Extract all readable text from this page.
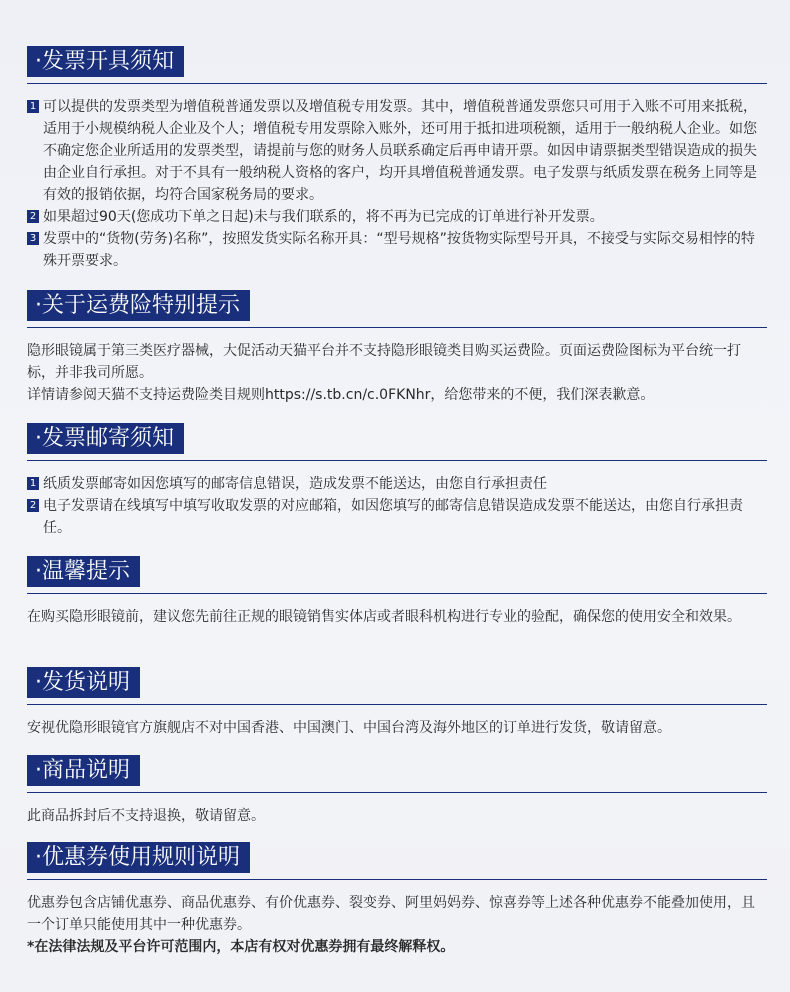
·发票开具须知
1 可以提供的发票类型为增值税普通发票以及增值税专用发票。其中，增值税普通发票您只可用于入账不可用来抵税，适用于小规模纳税人企业及个人；增值税专用发票除入账外，还可用于抵扣进项税额，适用于一般纳税人企业。如您不确定您企业所适用的发票类型，请提前与您的财务人员联系确定后再申请开票。如因申请票据类型错误造成的损失由企业自行承担。对于不具有一般纳税人资格的客户，均开具增值税普通发票。电子发票与纸质发票在税务上同等是有效的报销依据，均符合国家税务局的要求。
2 如果超过90天(您成功下单之日起)未与我们联系的，将不再为已完成的订单进行补开发票。
3 发票中的“货物(劳务)名称”，按照发货实际名称开具：“型号规格”按货物实际型号开具，不接受与实际交易相悖的特殊开票要求。
·关于运费险特别提示

隐形眼镜属于第三类医疗器械，大促活动天猫平台并不支持隐形眼镜类目购买运费险。页面运费险图标为平台统一打标，并非我司所愿。

详情请参阅天猫不支持运费险类目规则https://s.tb.cn/c.0FKNhr，给您带来的不便，我们深表歉意。

·发票邮寄须知
1 纸质发票邮寄如因您填写的邮寄信息错误，造成发票不能送达，由您自行承担责任
2 电子发票请在线填写中填写收取发票的对应邮箱，如因您填写的邮寄信息错误造成发票不能送达，由您自行承担责任。
·温馨提示

在购买隐形眼镜前，建议您先前往正规的眼镜销售实体店或者眼科机构进行专业的验配，确保您的使用安全和效果。

·发货说明

安视优隐形眼镜官方旗舰店不对中国香港、中国澳门、中国台湾及海外地区的订单进行发货，敬请留意。

·商品说明

此商品拆封后不支持退换，敬请留意。

·优惠券使用规则说明

优惠券包含店铺优惠券、商品优惠券、有价优惠券、裂变券、阿里妈妈券、惊喜券等上述各种优惠券不能叠加使用，且一个订单只能使用其中一种优惠券。

*在法律法规及平台许可范围内，本店有权对优惠券拥有最终解释权。
